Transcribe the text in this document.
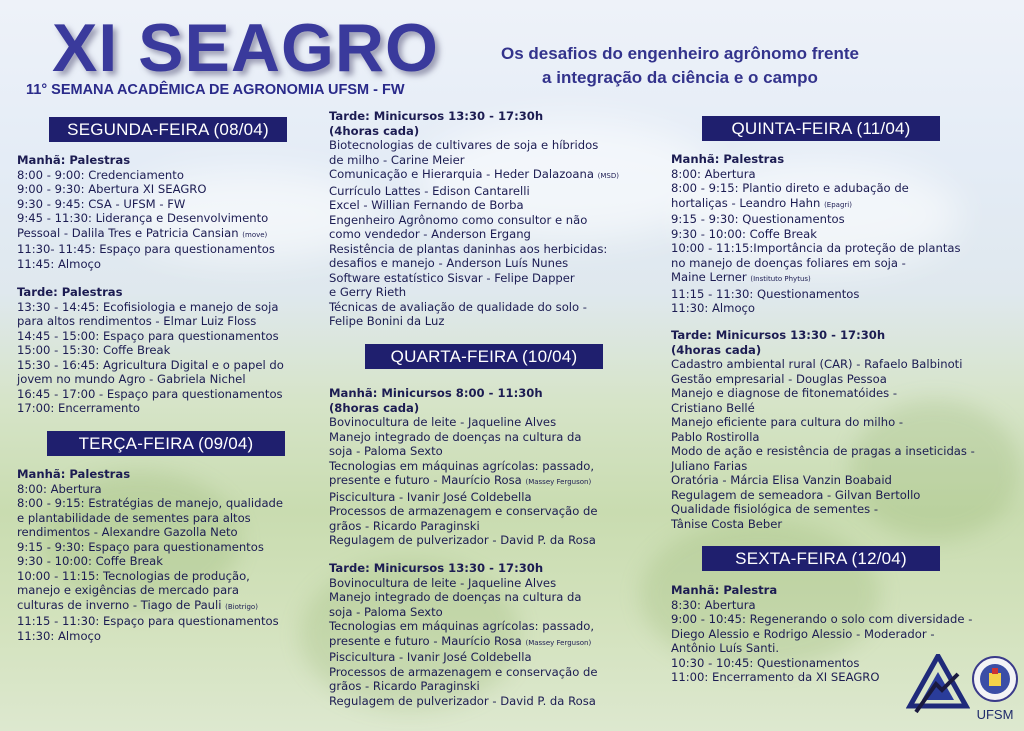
XI SEAGRO
11° SEMANA ACADÊMICA DE AGRONOMIA UFSM - FW
Os desafios do engenheiro agrônomo frente
a integração da ciência e o campo
SEGUNDA-FEIRA (08/04)
TERÇA-FEIRA (09/04)
QUARTA-FEIRA (10/04)
QUINTA-FEIRA (11/04)
SEXTA-FEIRA (12/04)
Manhã: Palestras
8:00 - 9:00: Credenciamento
9:00 - 9:30: Abertura XI SEAGRO
9:30 - 9:45: CSA - UFSM - FW
9:45 - 11:30: Liderança e Desenvolvimento
Pessoal - Dalila Tres e Patricia Cansian (move)
11:30- 11:45: Espaço para questionamentos
11:45: Almoço
Tarde: Palestras
13:30 - 14:45: Ecofisiologia e manejo de soja
para altos rendimentos - Elmar Luiz Floss
14:45 - 15:00: Espaço para questionamentos
15:00 - 15:30: Coffe Break
15:30 - 16:45: Agricultura Digital e o papel do
jovem no mundo Agro - Gabriela Nichel
16:45 - 17:00 - Espaço para questionamentos
17:00: Encerramento
Manhã: Palestras
8:00: Abertura
8:00 - 9:15: Estratégias de manejo, qualidade
e plantabilidade de sementes para altos
rendimentos - Alexandre Gazolla Neto
9:15 - 9:30: Espaço para questionamentos
9:30 - 10:00: Coffe Break
10:00 - 11:15: Tecnologias de produção,
manejo e exigências de mercado para
culturas de inverno - Tiago de Pauli (Biotrigo)
11:15 - 11:30: Espaço para questionamentos
11:30: Almoço
Tarde: Minicursos 13:30 - 17:30h
(4horas cada)
Biotecnologias de cultivares de soja e híbridos
de milho - Carine Meier
Comunicação e Hierarquia - Heder Dalazoana (MSD)
Currículo Lattes - Edison Cantarelli
Excel - Willian Fernando de Borba
Engenheiro Agrônomo como consultor e não
como vendedor - Anderson Ergang
Resistência de plantas daninhas aos herbicidas:
desafios e manejo - Anderson Luís Nunes
Software estatístico Sisvar - Felipe Dapper
e Gerry Rieth
Técnicas de avaliação de qualidade do solo -
Felipe Bonini da Luz
Manhã: Minicursos 8:00 - 11:30h
(8horas cada)
Bovinocultura de leite - Jaqueline Alves
Manejo integrado de doenças na cultura da
soja - Paloma Sexto
Tecnologias em máquinas agrícolas: passado,
presente e futuro - Maurício Rosa (Massey Ferguson)
Piscicultura - Ivanir José Coldebella
Processos de armazenagem e conservação de
grãos - Ricardo Paraginski
Regulagem de pulverizador - David P. da Rosa
Tarde: Minicursos 13:30 - 17:30h
Bovinocultura de leite - Jaqueline Alves
Manejo integrado de doenças na cultura da
soja - Paloma Sexto
Tecnologias em máquinas agrícolas: passado,
presente e futuro - Maurício Rosa (Massey Ferguson)
Piscicultura - Ivanir José Coldebella
Processos de armazenagem e conservação de
grãos - Ricardo Paraginski
Regulagem de pulverizador - David P. da Rosa
Manhã: Palestras
8:00: Abertura
8:00 - 9:15: Plantio direto e adubação de
hortaliças - Leandro Hahn (Epagri)
9:15 - 9:30: Questionamentos
9:30 - 10:00: Coffe Break
10:00 - 11:15:Importância da proteção de plantas
no manejo de doenças foliares em soja -
Maine Lerner (Instituto Phytus)
11:15 - 11:30: Questionamentos
11:30: Almoço
Tarde: Minicursos 13:30 - 17:30h
(4horas cada)
Cadastro ambiental rural (CAR) - Rafaelo Balbinoti
Gestão empresarial - Douglas Pessoa
Manejo e diagnose de fitonematóides -
Cristiano Bellé
Manejo eficiente para cultura do milho -
Pablo Rostirolla
Modo de ação e resistência de pragas a inseticidas -
Juliano Farias
Oratória - Márcia Elisa Vanzin Boabaid
Regulagem de semeadora - Gilvan Bertollo
Qualidade fisiológica de sementes -
Tânise Costa Beber
Manhã: Palestra
8:30: Abertura
9:00 - 10:45: Regenerando o solo com diversidade -
Diego Alessio e Rodrigo Alessio - Moderador -
Antônio Luís Santi.
10:30 - 10:45: Questionamentos
11:00: Encerramento da XI SEAGRO
UFSM
